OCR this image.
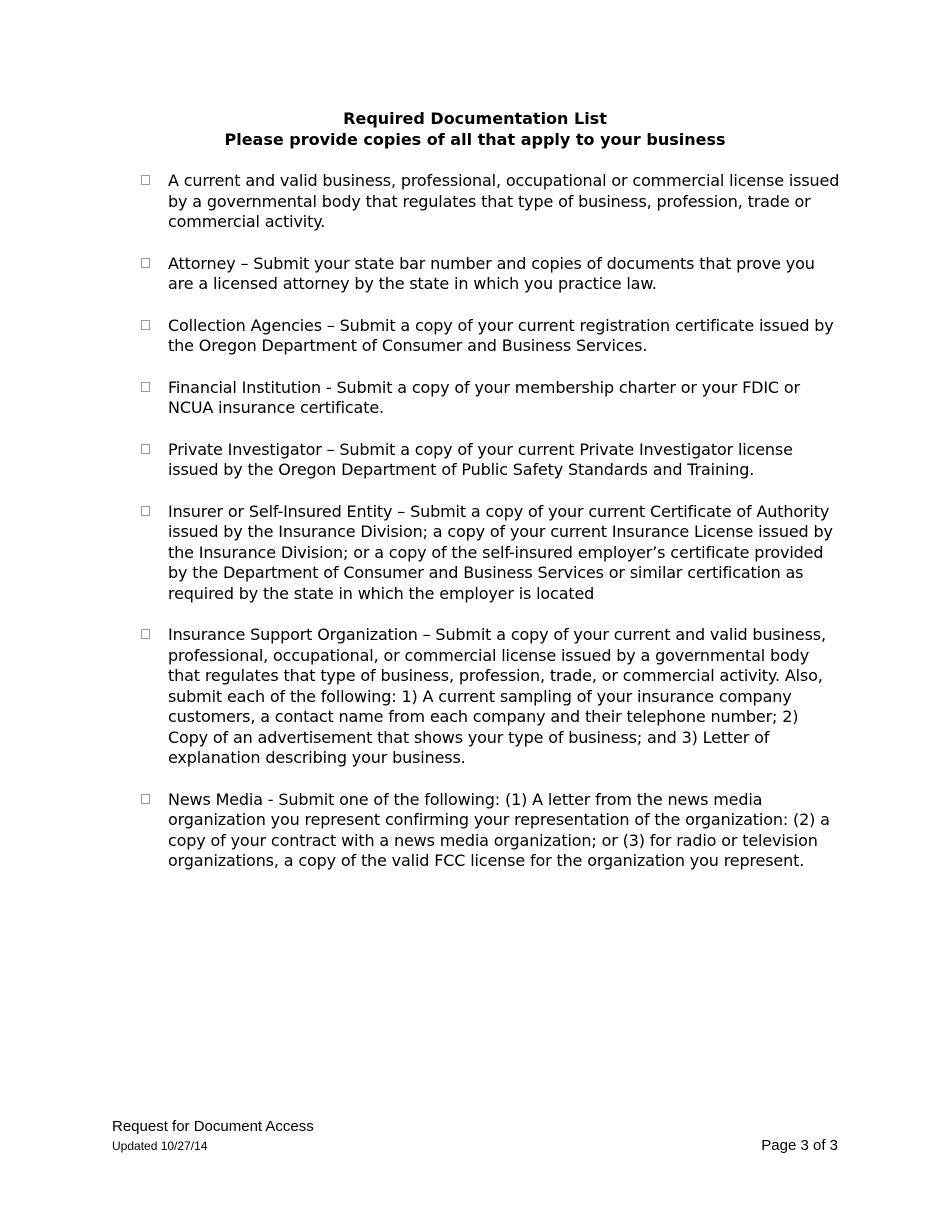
Required Documentation List
Please provide copies of all that apply to your business
A current and valid business, professional, occupational or commercial license issued by a governmental body that regulates that type of business, profession, trade or commercial activity.
Attorney – Submit your state bar number and copies of documents that prove you are a licensed attorney by the state in which you practice law.
Collection Agencies – Submit a copy of your current registration certificate issued by the Oregon Department of Consumer and Business Services.
Financial Institution - Submit a copy of your membership charter or your FDIC or NCUA insurance certificate.
Private Investigator – Submit a copy of your current Private Investigator license issued by the Oregon Department of Public Safety Standards and Training.
Insurer or Self-Insured Entity – Submit a copy of your current Certificate of Authority issued by the Insurance Division; a copy of your current Insurance License issued by the Insurance Division; or a copy of the self-insured employer’s certificate provided by the Department of Consumer and Business Services or similar certification as required by the state in which the employer is located
Insurance Support Organization – Submit a copy of your current and valid business, professional, occupational, or commercial license issued by a governmental body that regulates that type of business, profession, trade, or commercial activity. Also, submit each of the following: 1) A current sampling of your insurance company customers, a contact name from each company and their telephone number; 2) Copy of an advertisement that shows your type of business; and 3) Letter of explanation describing your business.
News Media - Submit one of the following: (1) A letter from the news media organization you represent confirming your representation of the organization: (2) a copy of your contract with a news media organization; or (3) for radio or television organizations, a copy of the valid FCC license for the organization you represent.
Request for Document Access
Updated 10/27/14	Page 3 of 3
